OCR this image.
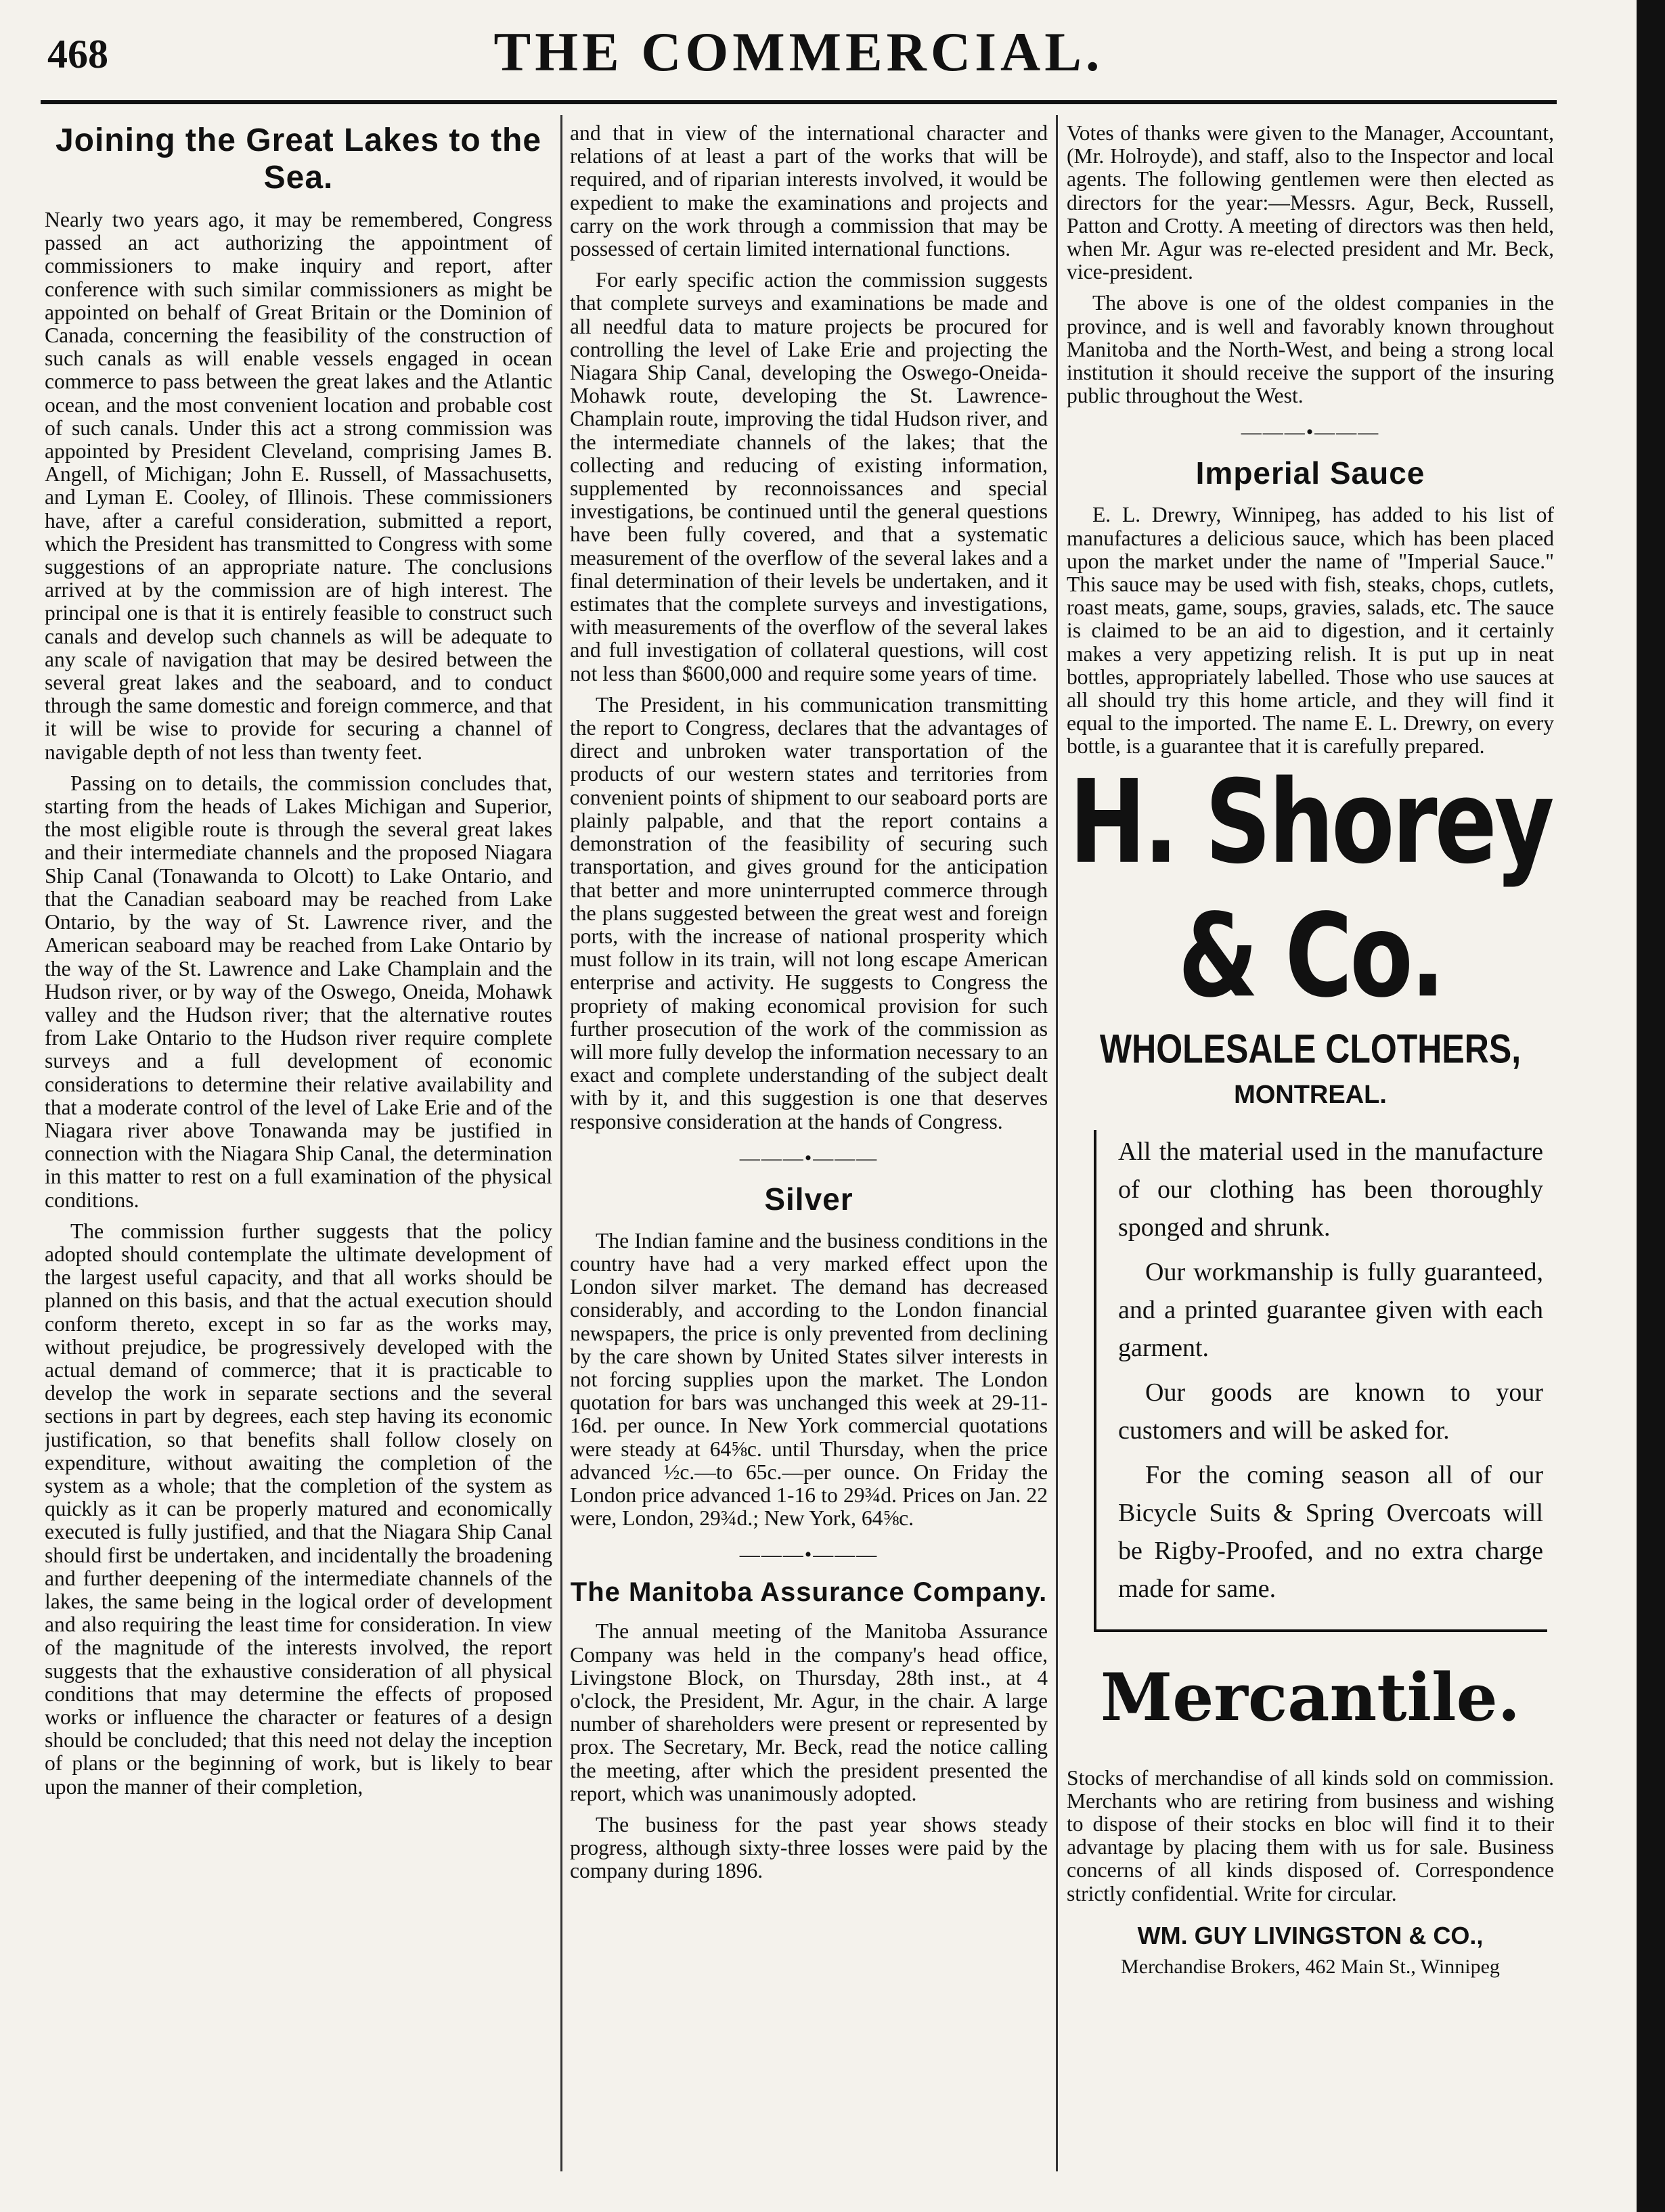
468	THE COMMERCIAL.
Joining the Great Lakes to the Sea.

Nearly two years ago, it may be remembered, Congress passed an act authorizing the appointment of commissioners to make inquiry and report, after conference with such similar commissioners as might be appointed on behalf of Great Britain or the Dominion of Canada, concerning the feasibility of the construction of such canals as will enable vessels engaged in ocean commerce to pass between the great lakes and the Atlantic ocean, and the most convenient location and probable cost of such canals. Under this act a strong commission was appointed by President Cleveland, comprising James B. Angell, of Michigan; John E. Russell, of Massachusetts, and Lyman E. Cooley, of Illinois. These commissioners have, after a careful consideration, submitted a report, which the President has transmitted to Congress with some suggestions of an appropriate nature. The conclusions arrived at by the commission are of high interest. The principal one is that it is entirely feasible to construct such canals and develop such channels as will be adequate to any scale of navigation that may be desired between the several great lakes and the seaboard, and to conduct through the same domestic and foreign commerce, and that it will be wise to provide for securing a channel of navigable depth of not less than twenty feet.

Passing on to details, the commission concludes that, starting from the heads of Lakes Michigan and Superior, the most eligible route is through the several great lakes and their intermediate channels and the proposed Niagara Ship Canal (Tonawanda to Olcott) to Lake Ontario, and that the Canadian seaboard may be reached from Lake Ontario, by the way of St. Lawrence river, and the American seaboard may be reached from Lake Ontario by the way of the St. Lawrence and Lake Champlain and the Hudson river, or by way of the Oswego, Oneida, Mohawk valley and the Hudson river; that the alternative routes from Lake Ontario to the Hudson river require complete surveys and a full development of economic considerations to determine their relative availability and that a moderate control of the level of Lake Erie and of the Niagara river above Tonawanda may be justified in connection with the Niagara Ship Canal, the determination in this matter to rest on a full examination of the physical conditions.

The commission further suggests that the policy adopted should contemplate the ultimate development of the largest useful capacity, and that all works should be planned on this basis, and that the actual execution should conform thereto, except in so far as the works may, without prejudice, be progressively developed with the actual demand of commerce; that it is practicable to develop the work in separate sections and the several sections in part by degrees, each step having its economic justification, so that benefits shall follow closely on expenditure, without awaiting the completion of the system as a whole; that the completion of the system as quickly as it can be properly matured and economically executed is fully justified, and that the Niagara Ship Canal should first be undertaken, and incidentally the broadening and further deepening of the intermediate channels of the lakes, the same being in the logical order of development and also requiring the least time for consideration. In view of the magnitude of the interests involved, the report suggests that the exhaustive consideration of all physical conditions that may determine the effects of proposed works or influence the character or features of a design should be concluded; that this need not delay the inception of plans or the beginning of work, but is likely to bear upon the manner of their completion,

and that in view of the international character and relations of at least a part of the works that will be required, and of riparian interests involved, it would be expedient to make the examinations and projects and carry on the work through a commission that may be possessed of certain limited international functions.

For early specific action the commission suggests that complete surveys and examinations be made and all needful data to mature projects be procured for controlling the level of Lake Erie and projecting the Niagara Ship Canal, developing the Oswego-Oneida-Mohawk route, developing the St. Lawrence-Champlain route, improving the tidal Hudson river, and the intermediate channels of the lakes; that the collecting and reducing of existing information, supplemented by reconnoissances and special investigations, be continued until the general questions have been fully covered, and that a systematic measurement of the overflow of the several lakes and a final determination of their levels be undertaken, and it estimates that the complete surveys and investigations, with measurements of the overflow of the several lakes and full investigation of collateral questions, will cost not less than $600,000 and require some years of time.

The President, in his communication transmitting the report to Congress, declares that the advantages of direct and unbroken water transportation of the products of our western states and territories from convenient points of shipment to our seaboard ports are plainly palpable, and that the report contains a demonstration of the feasibility of securing such transportation, and gives ground for the anticipation that better and more uninterrupted commerce through the plans suggested between the great west and foreign ports, with the increase of national prosperity which must follow in its train, will not long escape American enterprise and activity. He suggests to Congress the propriety of making economical provision for such further prosecution of the work of the commission as will more fully develop the information necessary to an exact and complete understanding of the subject dealt with by it, and this suggestion is one that deserves responsive consideration at the hands of Congress.

———•———
Silver

The Indian famine and the business conditions in the country have had a very marked effect upon the London silver market. The demand has decreased considerably, and according to the London financial newspapers, the price is only prevented from declining by the care shown by United States silver interests in not forcing supplies upon the market. The London quotation for bars was unchanged this week at 29-11-16d. per ounce. In New York commercial quotations were steady at 64⅝c. until Thursday, when the price advanced ½c.—to 65c.—per ounce. On Friday the London price advanced 1-16 to 29¾d. Prices on Jan. 22 were, London, 29¾d.; New York, 64⅝c.

———•———
The Manitoba Assurance Company.

The annual meeting of the Manitoba Assurance Company was held in the company's head office, Livingstone Block, on Thursday, 28th inst., at 4 o'clock, the President, Mr. Agur, in the chair. A large number of shareholders were present or represented by prox. The Secretary, Mr. Beck, read the notice calling the meeting, after which the president presented the report, which was unanimously adopted.

The business for the past year shows steady progress, although sixty-three losses were paid by the company during 1896.

Votes of thanks were given to the Manager, Accountant, (Mr. Holroyde), and staff, also to the Inspector and local agents. The following gentlemen were then elected as directors for the year:—Messrs. Agur, Beck, Russell, Patton and Crotty. A meeting of directors was then held, when Mr. Agur was re-elected president and Mr. Beck, vice-president.

The above is one of the oldest companies in the province, and is well and favorably known throughout Manitoba and the North-West, and being a strong local institution it should receive the support of the insuring public throughout the West.

———•———
Imperial Sauce

E. L. Drewry, Winnipeg, has added to his list of manufactures a delicious sauce, which has been placed upon the market under the name of "Imperial Sauce." This sauce may be used with fish, steaks, chops, cutlets, roast meats, game, soups, gravies, salads, etc. The sauce is claimed to be an aid to digestion, and it certainly makes a very appetizing relish. It is put up in neat bottles, appropriately labelled. Those who use sauces at all should try this home article, and they will find it equal to the imported. The name E. L. Drewry, on every bottle, is a guarantee that it is carefully prepared.

H. Shorey & Co.
WHOLESALE CLOTHERS,
MONTREAL.

All the material used in the manufacture of our clothing has been thoroughly sponged and shrunk.

Our workmanship is fully guaranteed, and a printed guarantee given with each garment.

Our goods are known to your customers and will be asked for.

For the coming season all of our Bicycle Suits & Spring Overcoats will be Rigby-Proofed, and no extra charge made for same.

Mercantile.

Stocks of merchandise of all kinds sold on commission. Merchants who are retiring from business and wishing to dispose of their stocks en bloc will find it to their advantage by placing them with us for sale. Business concerns of all kinds disposed of. Correspondence strictly confidential. Write for circular.

WM. GUY LIVINGSTON & CO.,
Merchandise Brokers, 462 Main St., Winnipeg
